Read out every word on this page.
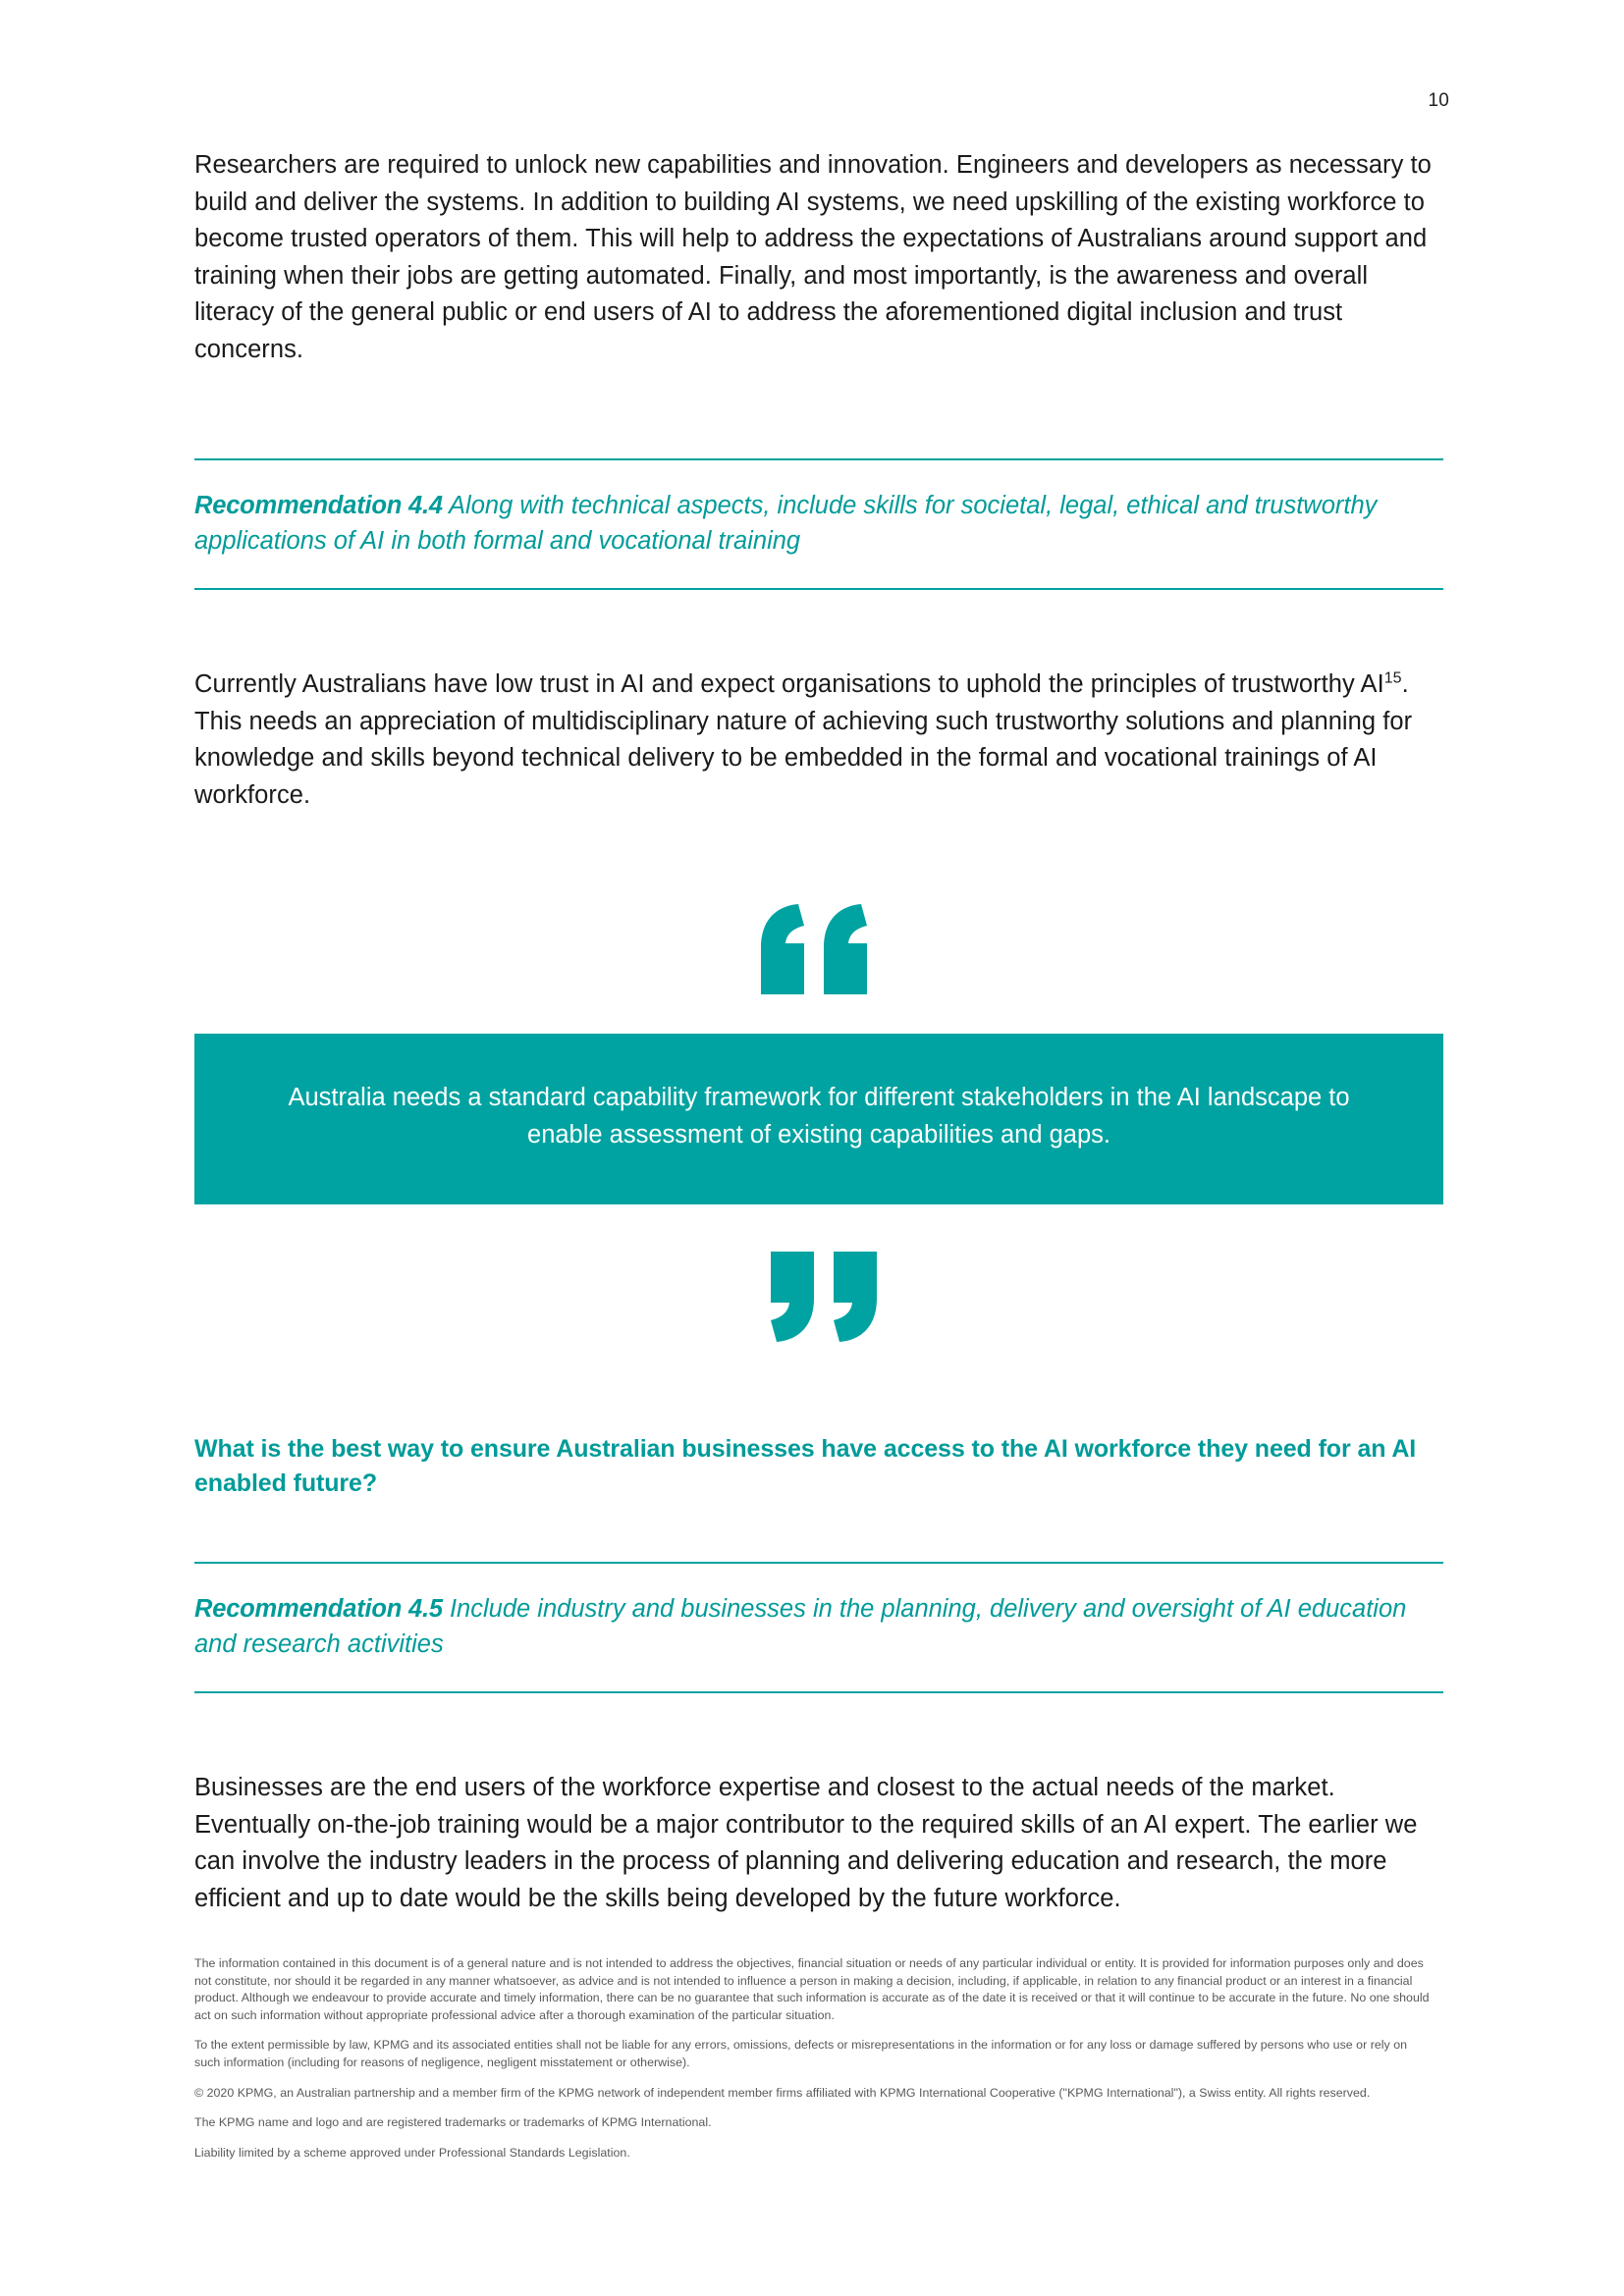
10

Researchers are required to unlock new capabilities and innovation. Engineers and developers as necessary to build and deliver the systems. In addition to building AI systems, we need upskilling of the existing workforce to become trusted operators of them. This will help to address the expectations of Australians around support and training when their jobs are getting automated. Finally, and most importantly, is the awareness and overall literacy of the general public or end users of AI to address the aforementioned digital inclusion and trust concerns.

Recommendation 4.4 Along with technical aspects, include skills for societal, legal, ethical and trustworthy applications of AI in both formal and vocational training

Currently Australians have low trust in AI and expect organisations to uphold the principles of trustworthy AI$^{15}$. This needs an appreciation of multidisciplinary nature of achieving such trustworthy solutions and planning for knowledge and skills beyond technical delivery to be embedded in the formal and vocational trainings of AI workforce.

Australia needs a standard capability framework for different stakeholders in the AI landscape to enable assessment of existing capabilities and gaps.

What is the best way to ensure Australian businesses have access to the AI workforce they need for an AI enabled future?

Recommendation 4.5 Include industry and businesses in the planning, delivery and oversight of AI education and research activities

Businesses are the end users of the workforce expertise and closest to the actual needs of the market. Eventually on-the-job training would be a major contributor to the required skills of an AI expert. The earlier we can involve the industry leaders in the process of planning and delivering education and research, the more efficient and up to date would be the skills being developed by the future workforce.

The information contained in this document is of a general nature and is not intended to address the objectives, financial situation or needs of any particular individual or entity. It is provided for information purposes only and does not constitute, nor should it be regarded in any manner whatsoever, as advice and is not intended to influence a person in making a decision, including, if applicable, in relation to any financial product or an interest in a financial product. Although we endeavour to provide accurate and timely information, there can be no guarantee that such information is accurate as of the date it is received or that it will continue to be accurate in the future. No one should act on such information without appropriate professional advice after a thorough examination of the particular situation.

To the extent permissible by law, KPMG and its associated entities shall not be liable for any errors, omissions, defects or misrepresentations in the information or for any loss or damage suffered by persons who use or rely on such information (including for reasons of negligence, negligent misstatement or otherwise).

© 2020 KPMG, an Australian partnership and a member firm of the KPMG network of independent member firms affiliated with KPMG International Cooperative ("KPMG International"), a Swiss entity. All rights reserved.

The KPMG name and logo and are registered trademarks or trademarks of KPMG International.

Liability limited by a scheme approved under Professional Standards Legislation.
